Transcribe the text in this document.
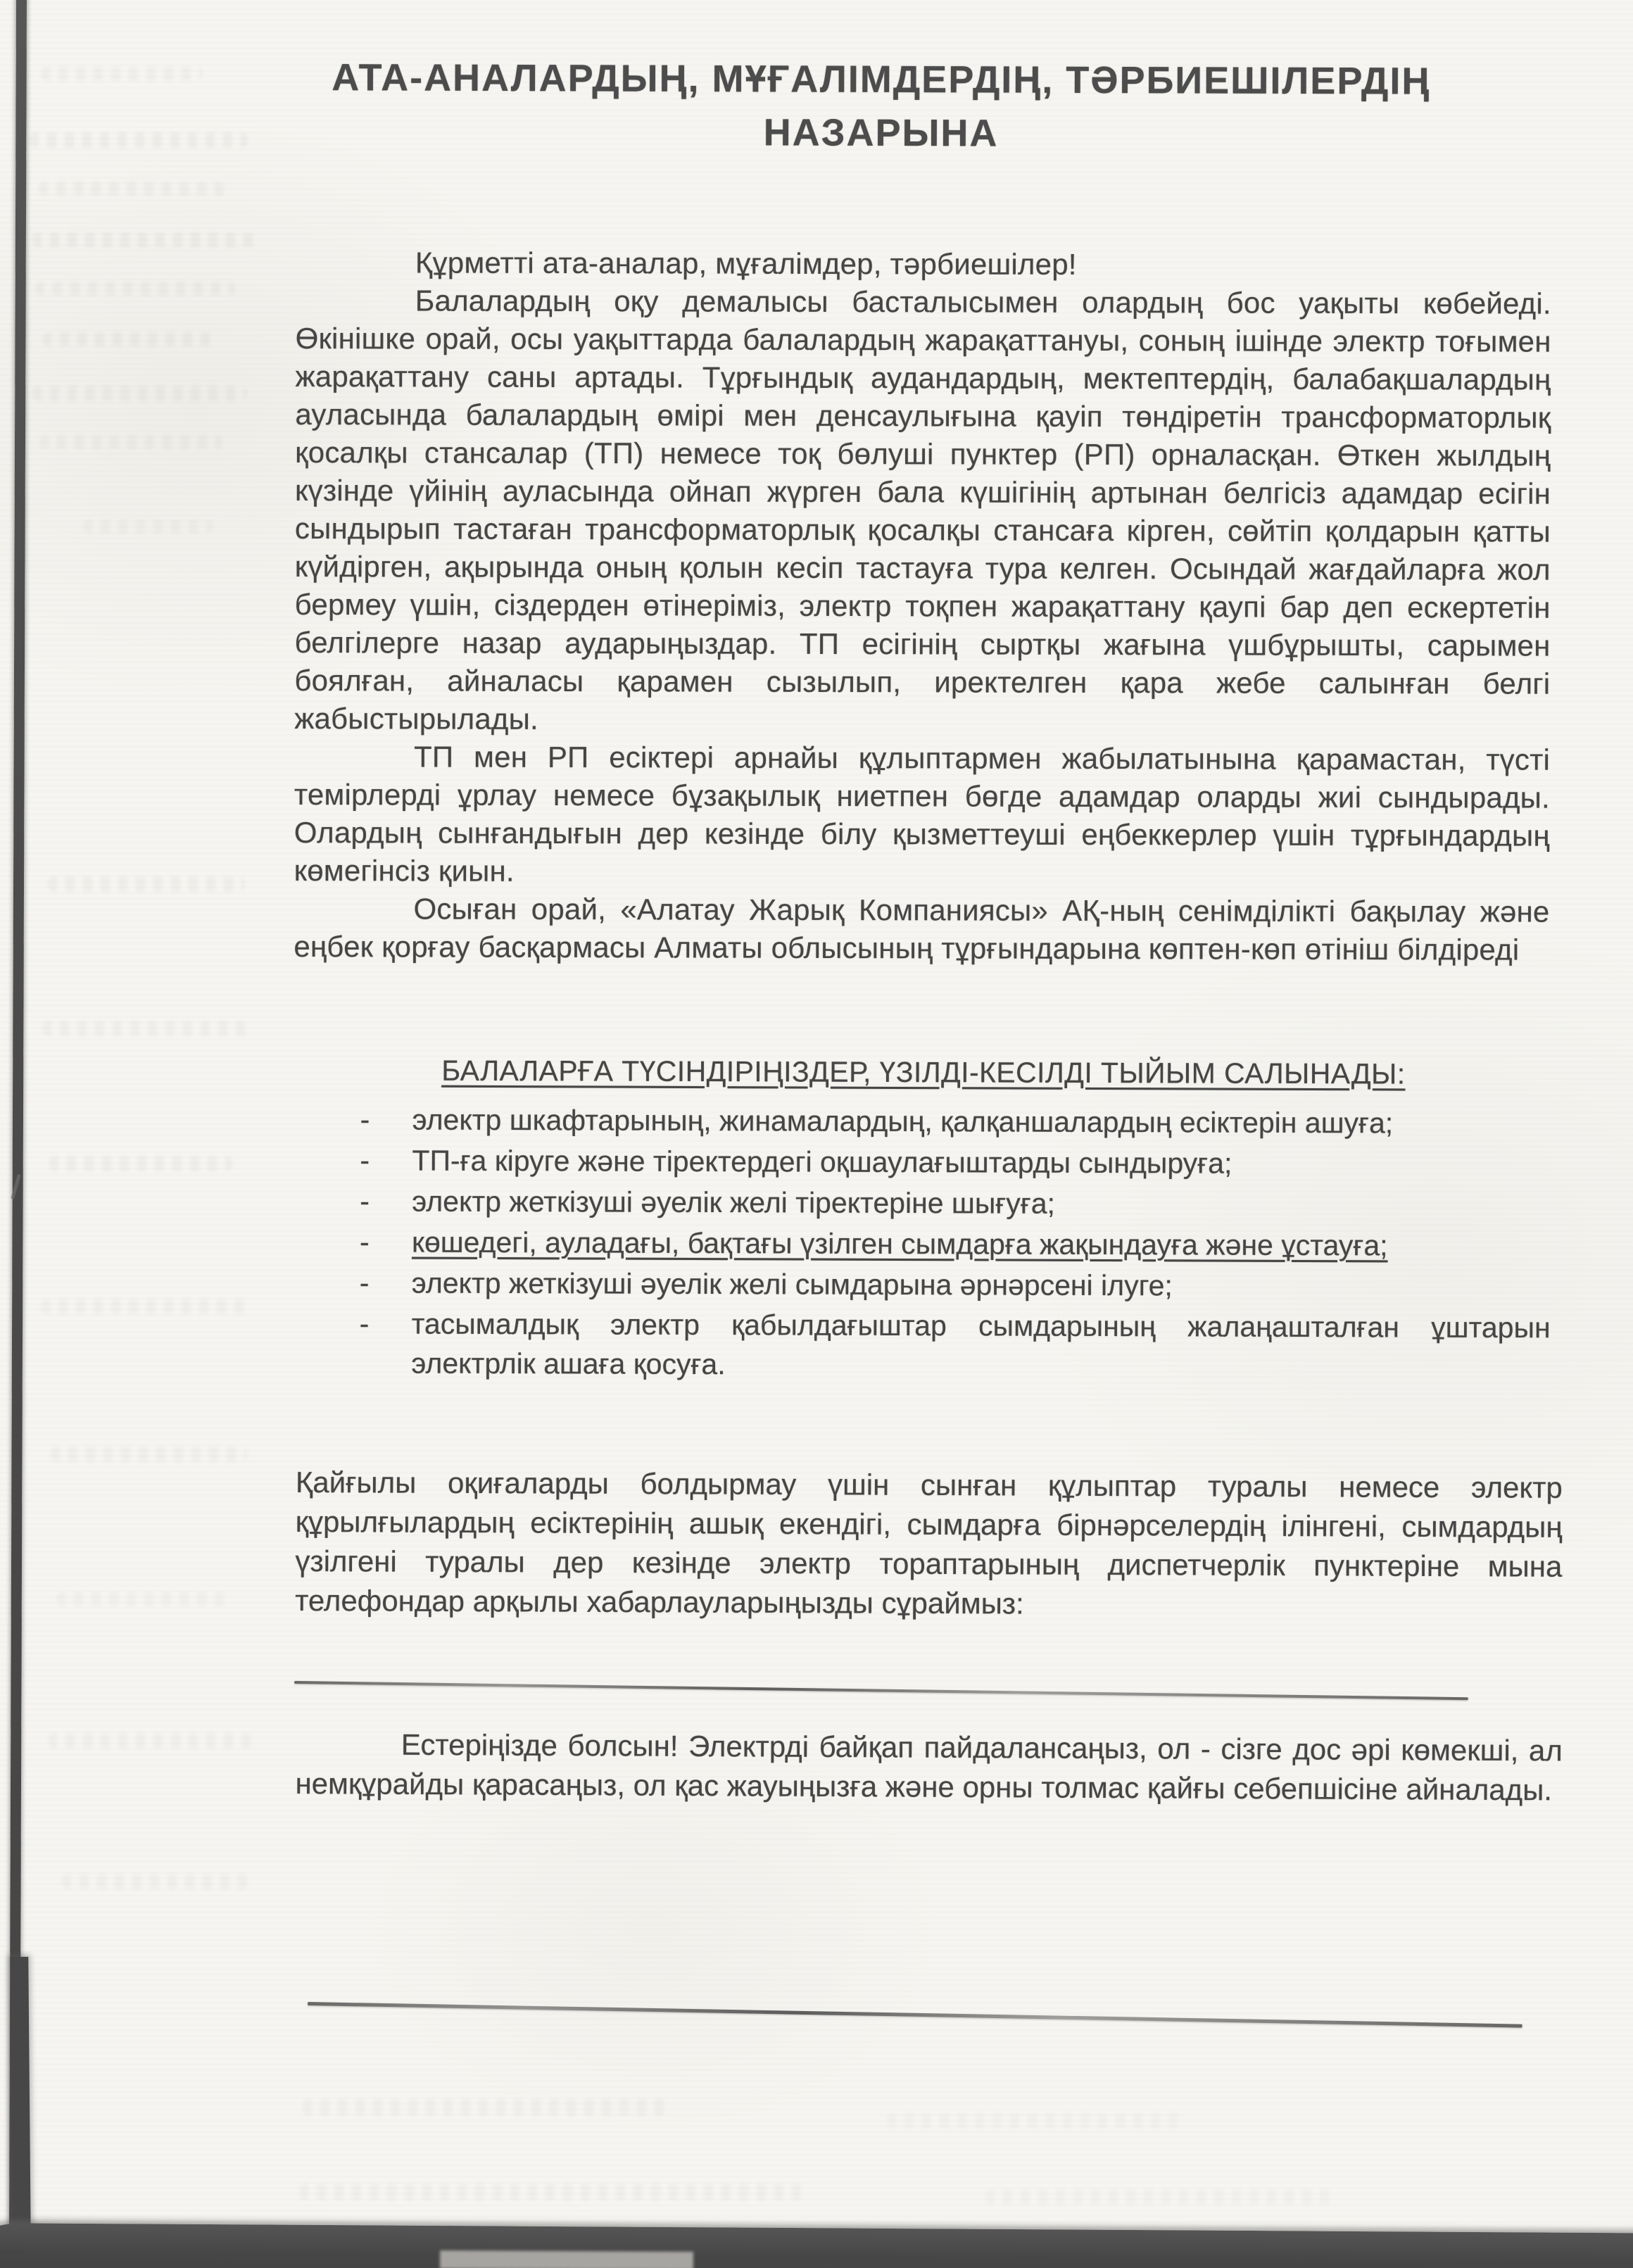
АТА-АНАЛАРДЫҢ, МҰҒАЛІМДЕРДІҢ, ТӘРБИЕШІЛЕРДІҢ
НАЗАРЫНА

Құрметті ата-аналар, мұғалімдер, тәрбиешілер!

Балалардың оқу демалысы басталысымен олардың бос уақыты көбейеді. Өкінішке орай, осы уақыттарда балалардың жарақаттануы, соның ішінде электр тоғымен жарақаттану саны артады. Тұрғындық аудандардың, мектептердің, балабақшалардың ауласында балалардың өмірі мен денсаулығына қауіп төндіретін трансформаторлық қосалқы стансалар (ТП) немесе тоқ бөлуші пунктер (РП) орналасқан. Өткен жылдың күзінде үйінің ауласында ойнап жүрген бала күшігінің артынан белгісіз адамдар есігін сындырып тастаған трансформаторлық қосалқы стансаға кірген, сөйтіп қолдарын қатты күйдірген, ақырында оның қолын кесіп тастауға тура келген. Осындай жағдайларға жол бермеу үшін, сіздерден өтінеріміз, электр тоқпен жарақаттану қаупі бар деп ескертетін белгілерге назар аударыңыздар. ТП есігінің сыртқы жағына үшбұрышты, сарымен боялған, айналасы қарамен сызылып, иректелген қара жебе салынған белгі жабыстырылады.

ТП мен РП есіктері арнайы құлыптармен жабылатынына қарамастан, түсті темірлерді ұрлау немесе бұзақылық ниетпен бөгде адамдар оларды жиі сындырады. Олардың сынғандығын дер кезінде білу қызметтеуші еңбеккерлер үшін тұрғындардың көмегінсіз қиын.

Осыған орай, «Алатау Жарық Компаниясы» АҚ-ның сенімділікті бақылау және еңбек қорғау басқармасы Алматы облысының тұрғындарына көптен-көп өтініш білдіреді

БАЛАЛАРҒА ТҮСІНДІРІҢІЗДЕР, ҮЗІЛДІ-КЕСІЛДІ ТЫЙЫМ САЛЫНАДЫ:
-	электр шкафтарының, жинамалардың, қалқаншалардың есіктерін ашуға;
-	ТП-ға кіруге және тіректердегі оқшаулағыштарды сындыруға;
-	электр жеткізуші әуелік желі тіректеріне шығуға;
-	көшедегі, ауладағы, бақтағы үзілген сымдарға жақындауға және ұстауға;
-	электр жеткізуші әуелік желі сымдарына әрнәрсені ілуге;
-	тасымалдық электр қабылдағыштар сымдарының жалаңашталған ұштарын электрлік ашаға қосуға.

Қайғылы оқиғаларды болдырмау үшін сынған құлыптар туралы немесе электр құрылғылардың есіктерінің ашық екендігі, сымдарға бірнәрселердің ілінгені, сымдардың үзілгені туралы дер кезінде электр тораптарының диспетчерлік пунктеріне мына телефондар арқылы хабарлауларыңызды сұраймыз:

Естеріңізде болсын! Электрді байқап пайдалансаңыз, ол - сізге дос әрі көмекші, ал немқұрайды қарасаңыз, ол қас жауыңызға және орны толмас қайғы себепшісіне айналады.
